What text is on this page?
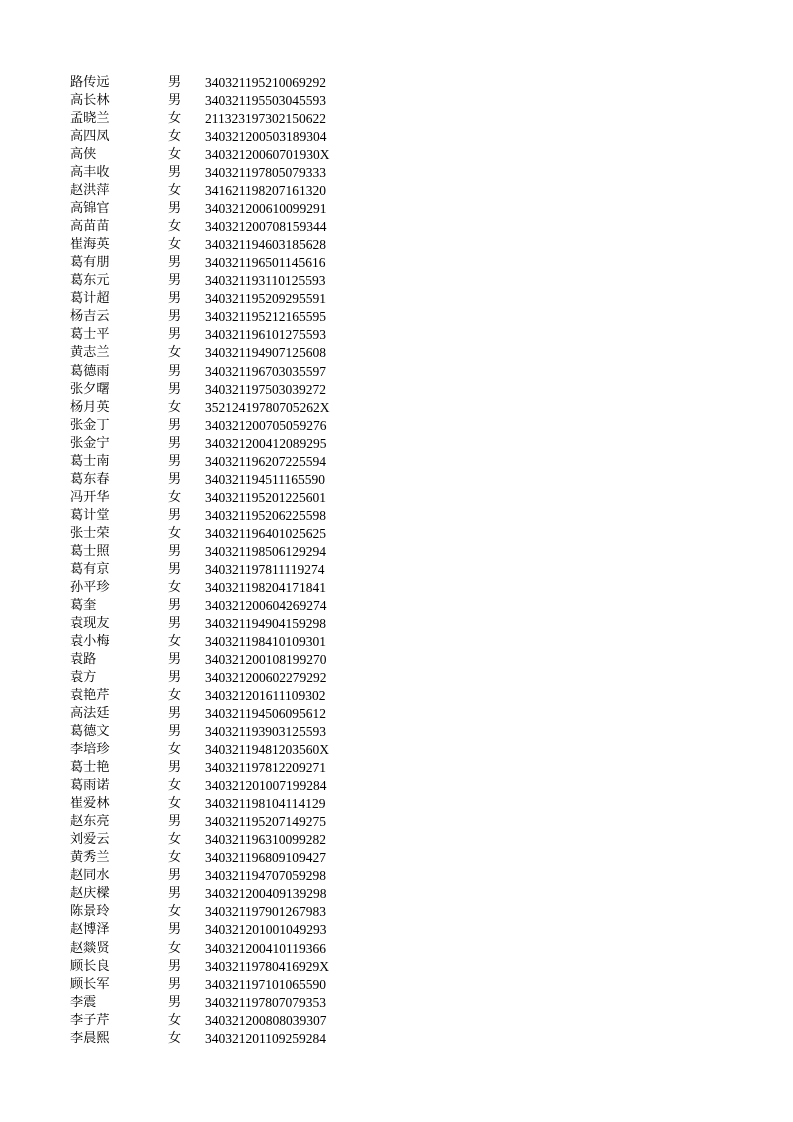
路传远	男 340321195210069292
高长林	男 340321195503045593
孟晓兰	女 211323197302150622
高四凤	女 340321200503189304
高侠	女 34032120060701930X
高丰收	男 340321197805079333
赵洪萍	女 341621198207161320
高锦官	男 340321200610099291
高苗苗	女 340321200708159344
崔海英	女 340321194603185628
葛有朋	男 340321196501145616
葛东元	男 340321193110125593
葛计超	男 340321195209295591
杨吉云	男 340321195212165595
葛士平	男 340321196101275593
黄志兰	女 340321194907125608
葛德雨	男 340321196703035597
张夕曙	男 340321197503039272
杨月英	女 35212419780705262X
张金丁	男 340321200705059276
张金宁	男 340321200412089295
葛士南	男 340321196207225594
葛东春	男 340321194511165590
冯开华	女 340321195201225601
葛计堂	男 340321195206225598
张士荣	女 340321196401025625
葛士照	男 340321198506129294
葛有京	男 340321197811119274
孙平珍	女 340321198204171841
葛奎	男 340321200604269274
袁现友	男 340321194904159298
袁小梅	女 340321198410109301
袁路	男 340321200108199270
袁方	男 340321200602279292
袁艳芹	女 340321201611109302
高法廷	男 340321194506095612
葛德文	男 340321193903125593
李培珍	女 34032119481203560X
葛士艳	男 340321197812209271
葛雨诺	女 340321201007199284
崔爱林	女 340321198104114129
赵东亮	男 340321195207149275
刘爱云	女 340321196310099282
黄秀兰	女 340321196809109427
赵同水	男 340321194707059298
赵庆樑	男 340321200409139298
陈景玲	女 340321197901267983
赵博泽	男 340321201001049293
赵燚贤	女 340321200410119366
顾长良	男 34032119780416929X
顾长军	男 340321197101065590
李震	男 340321197807079353
李子芹	女 340321200808039307
李晨熙	女 340321201109259284
